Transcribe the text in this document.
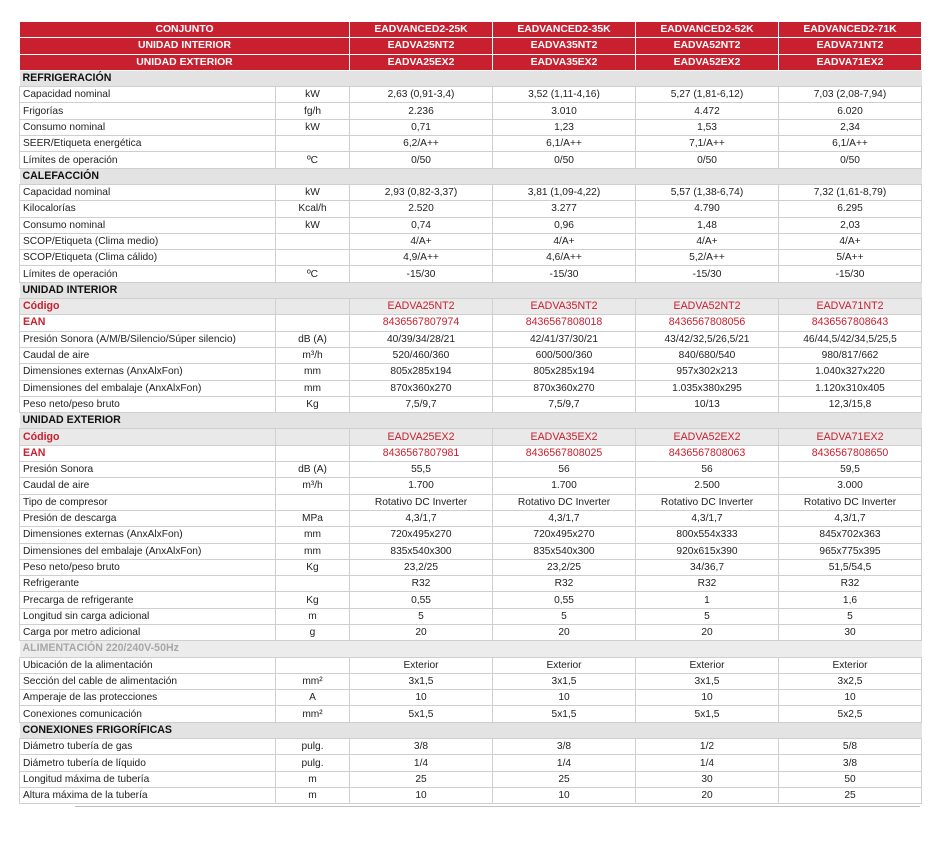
CONJUNTO		EADVANCED2-25K	EADVANCED2-35K	EADVANCED2-52K	EADVANCED2-71K
UNIDAD INTERIOR		EADVA25NT2	EADVA35NT2	EADVA52NT2	EADVA71NT2
UNIDAD EXTERIOR		EADVA25EX2	EADVA35EX2	EADVA52EX2	EADVA71EX2
REFRIGERACIÓN					
Capacidad nominal	kW	2,63 (0,91-3,4)	3,52 (1,11-4,16)	5,27 (1,81-6,12)	7,03 (2,08-7,94)
Frigorías	fg/h	2.236	3.010	4.472	6.020
Consumo nominal	kW	0,71	1,23	1,53	2,34
SEER/Etiqueta energética		6,2/A++	6,1/A++	7,1/A++	6,1/A++
Límites de operación	ºC	0/50	0/50	0/50	0/50
CALEFACCIÓN					
Capacidad nominal	kW	2,93 (0,82-3,37)	3,81 (1,09-4,22)	5,57 (1,38-6,74)	7,32 (1,61-8,79)
Kilocalorías	Kcal/h	2.520	3.277	4.790	6.295
Consumo nominal	kW	0,74	0,96	1,48	2,03
SCOP/Etiqueta (Clima medio)		4/A+	4/A+	4/A+	4/A+
SCOP/Etiqueta (Clima cálido)		4,9/A++	4,6/A++	5,2/A++	5/A++
Límites de operación	ºC	-15/30	-15/30	-15/30	-15/30
UNIDAD INTERIOR					
Código		EADVA25NT2	EADVA35NT2	EADVA52NT2	EADVA71NT2
EAN		8436567807974	8436567808018	8436567808056	8436567808643
Presión Sonora (A/M/B/Silencio/Súper silencio)	dB (A)	40/39/34/28/21	42/41/37/30/21	43/42/32,5/26,5/21	46/44,5/42/34,5/25,5
Caudal de aire	m³/h	520/460/360	600/500/360	840/680/540	980/817/662
Dimensiones externas (AnxAlxFon)	mm	805x285x194	805x285x194	957x302x213	1.040x327x220
Dimensiones del embalaje (AnxAlxFon)	mm	870x360x270	870x360x270	1.035x380x295	1.120x310x405
Peso neto/peso bruto	Kg	7,5/9,7	7,5/9,7	10/13	12,3/15,8
UNIDAD EXTERIOR					
Código		EADVA25EX2	EADVA35EX2	EADVA52EX2	EADVA71EX2
EAN		8436567807981	8436567808025	8436567808063	8436567808650
Presión Sonora	dB (A)	55,5	56	56	59,5
Caudal de aire	m³/h	1.700	1.700	2.500	3.000
Tipo de compresor		Rotativo DC Inverter	Rotativo DC Inverter	Rotativo DC Inverter	Rotativo DC Inverter
Presión de descarga	MPa	4,3/1,7	4,3/1,7	4,3/1,7	4,3/1,7
Dimensiones externas (AnxAlxFon)	mm	720x495x270	720x495x270	800x554x333	845x702x363
Dimensiones del embalaje (AnxAlxFon)	mm	835x540x300	835x540x300	920x615x390	965x775x395
Peso neto/peso bruto	Kg	23,2/25	23,2/25	34/36,7	51,5/54,5
Refrigerante		R32	R32	R32	R32
Precarga de refrigerante	Kg	0,55	0,55	1	1,6
Longitud sin carga adicional	m	5	5	5	5
Carga por metro adicional	g	20	20	20	30
ALIMENTACIÓN 220/240V-50Hz					
Ubicación de la alimentación		Exterior	Exterior	Exterior	Exterior
Sección del cable de alimentación	mm²	3x1,5	3x1,5	3x1,5	3x2,5
Amperaje de las protecciones	A	10	10	10	10
Conexiones comunicación	mm²	5x1,5	5x1,5	5x1,5	5x2,5
CONEXIONES FRIGORÍFICAS					
Diámetro tubería de gas	pulg.	3/8	3/8	1/2	5/8
Diámetro tubería de líquido	pulg.	1/4	1/4	1/4	3/8
Longitud máxima de tubería	m	25	25	30	50
Altura máxima de la tubería	m	10	10	20	25
